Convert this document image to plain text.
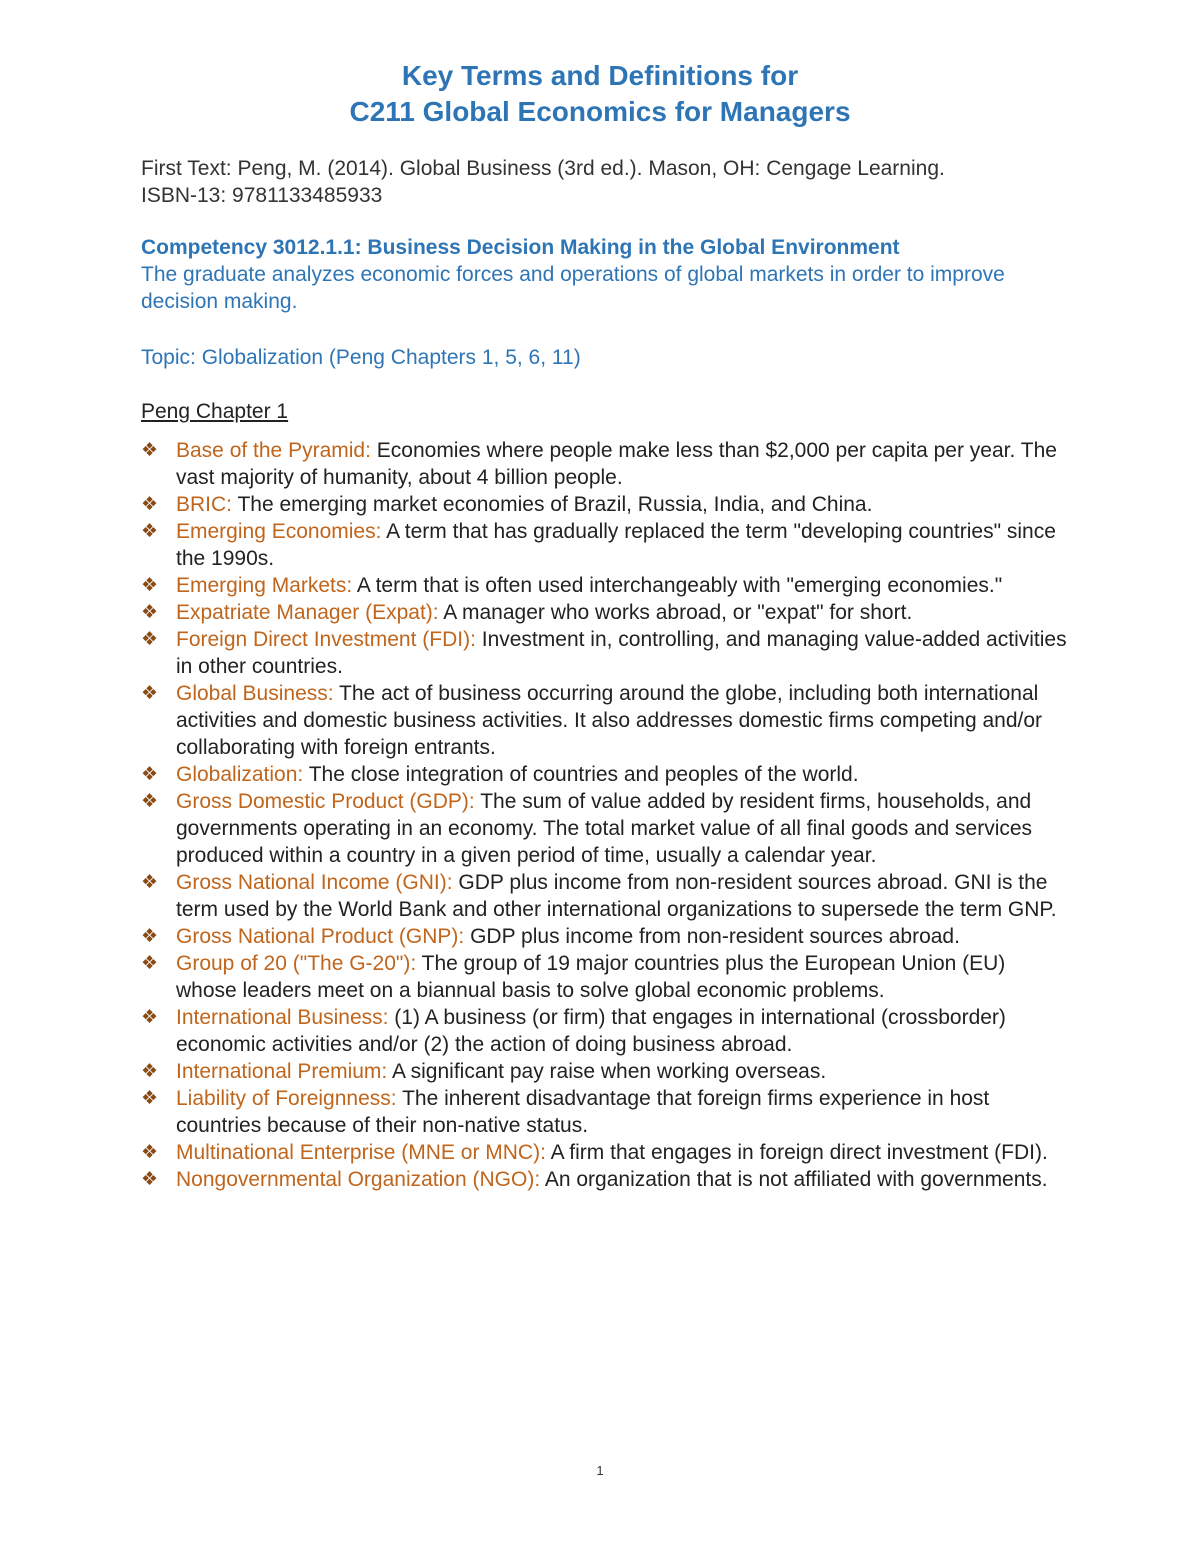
Key Terms and Definitions for
C211 Global Economics for Managers
First Text: Peng, M. (2014). Global Business (3rd ed.). Mason, OH: Cengage Learning.
ISBN-13: 9781133485933
Competency 3012.1.1: Business Decision Making in the Global Environment
The graduate analyzes economic forces and operations of global markets in order to improve decision making.
Topic: Globalization (Peng Chapters 1, 5, 6, 11)
Peng Chapter 1
❖ Base of the Pyramid: Economies where people make less than $2,000 per capita per year. The vast majority of humanity, about 4 billion people.
❖ BRIC: The emerging market economies of Brazil, Russia, India, and China.
❖ Emerging Economies: A term that has gradually replaced the term "developing countries" since the 1990s.
❖ Emerging Markets: A term that is often used interchangeably with "emerging economies."
❖ Expatriate Manager (Expat): A manager who works abroad, or "expat" for short.
❖ Foreign Direct Investment (FDI): Investment in, controlling, and managing value-added activities in other countries.
❖ Global Business: The act of business occurring around the globe, including both international activities and domestic business activities. It also addresses domestic firms competing and/or collaborating with foreign entrants.
❖ Globalization: The close integration of countries and peoples of the world.
❖ Gross Domestic Product (GDP): The sum of value added by resident firms, households, and governments operating in an economy. The total market value of all final goods and services produced within a country in a given period of time, usually a calendar year.
❖ Gross National Income (GNI): GDP plus income from non-resident sources abroad. GNI is the term used by the World Bank and other international organizations to supersede the term GNP.
❖ Gross National Product (GNP): GDP plus income from non-resident sources abroad.
❖ Group of 20 ("The G-20"): The group of 19 major countries plus the European Union (EU) whose leaders meet on a biannual basis to solve global economic problems.
❖ International Business: (1) A business (or firm) that engages in international (crossborder) economic activities and/or (2) the action of doing business abroad.
❖ International Premium: A significant pay raise when working overseas.
❖ Liability of Foreignness: The inherent disadvantage that foreign firms experience in host countries because of their non-native status.
❖ Multinational Enterprise (MNE or MNC): A firm that engages in foreign direct investment (FDI).
❖ Nongovernmental Organization (NGO): An organization that is not affiliated with governments.
1
